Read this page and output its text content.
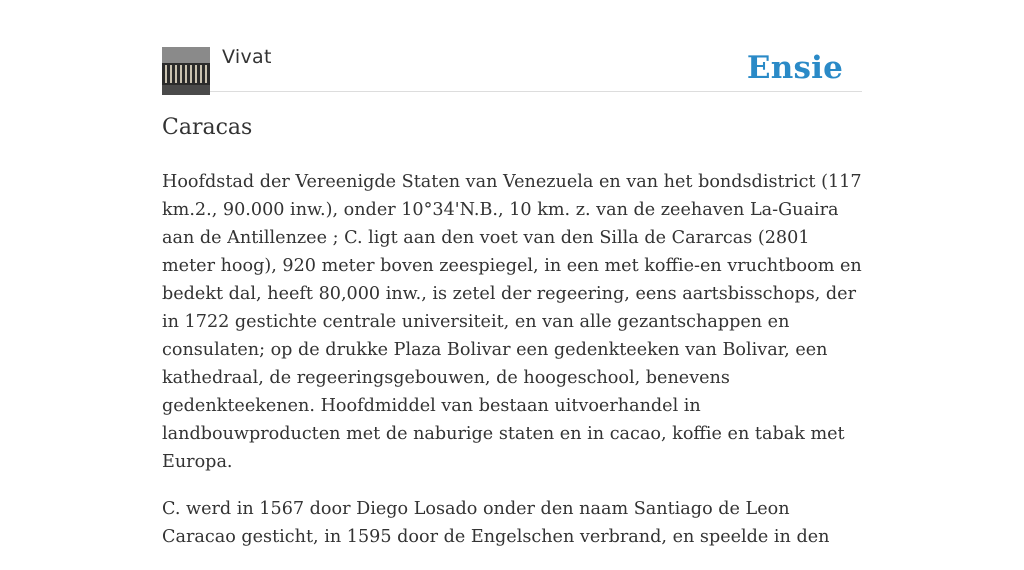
Vivat	Ensie
Caracas

Hoofdstad der Vereenigde Staten van Venezuela en van het bondsdistrict (117 km.2., 90.000 inw.), onder 10°34'N.B., 10 km. z. van de zeehaven La-Guaira aan de Antillenzee ; C. ligt aan den voet van den Silla de Cararcas (2801 meter hoog), 920 meter boven zeespiegel, in een met koffie-en vruchtboom en bedekt dal, heeft 80,000 inw., is zetel der regeering, eens aartsbisschops, der in 1722 gestichte centrale universiteit, en van alle gezantschappen en consulaten; op de drukke Plaza Bolivar een gedenkteeken van Bolivar, een kathedraal, de regeeringsgebouwen, de hoogeschool, benevens gedenkteekenen. Hoofdmiddel van bestaan uitvoerhandel in landbouwproducten met de naburige staten en in cacao, koffie en tabak met Europa.

C. werd in 1567 door Diego Losado onder den naam Santiago de Leon Caracao gesticht, in 1595 door de Engelschen verbrand, en speelde in den
